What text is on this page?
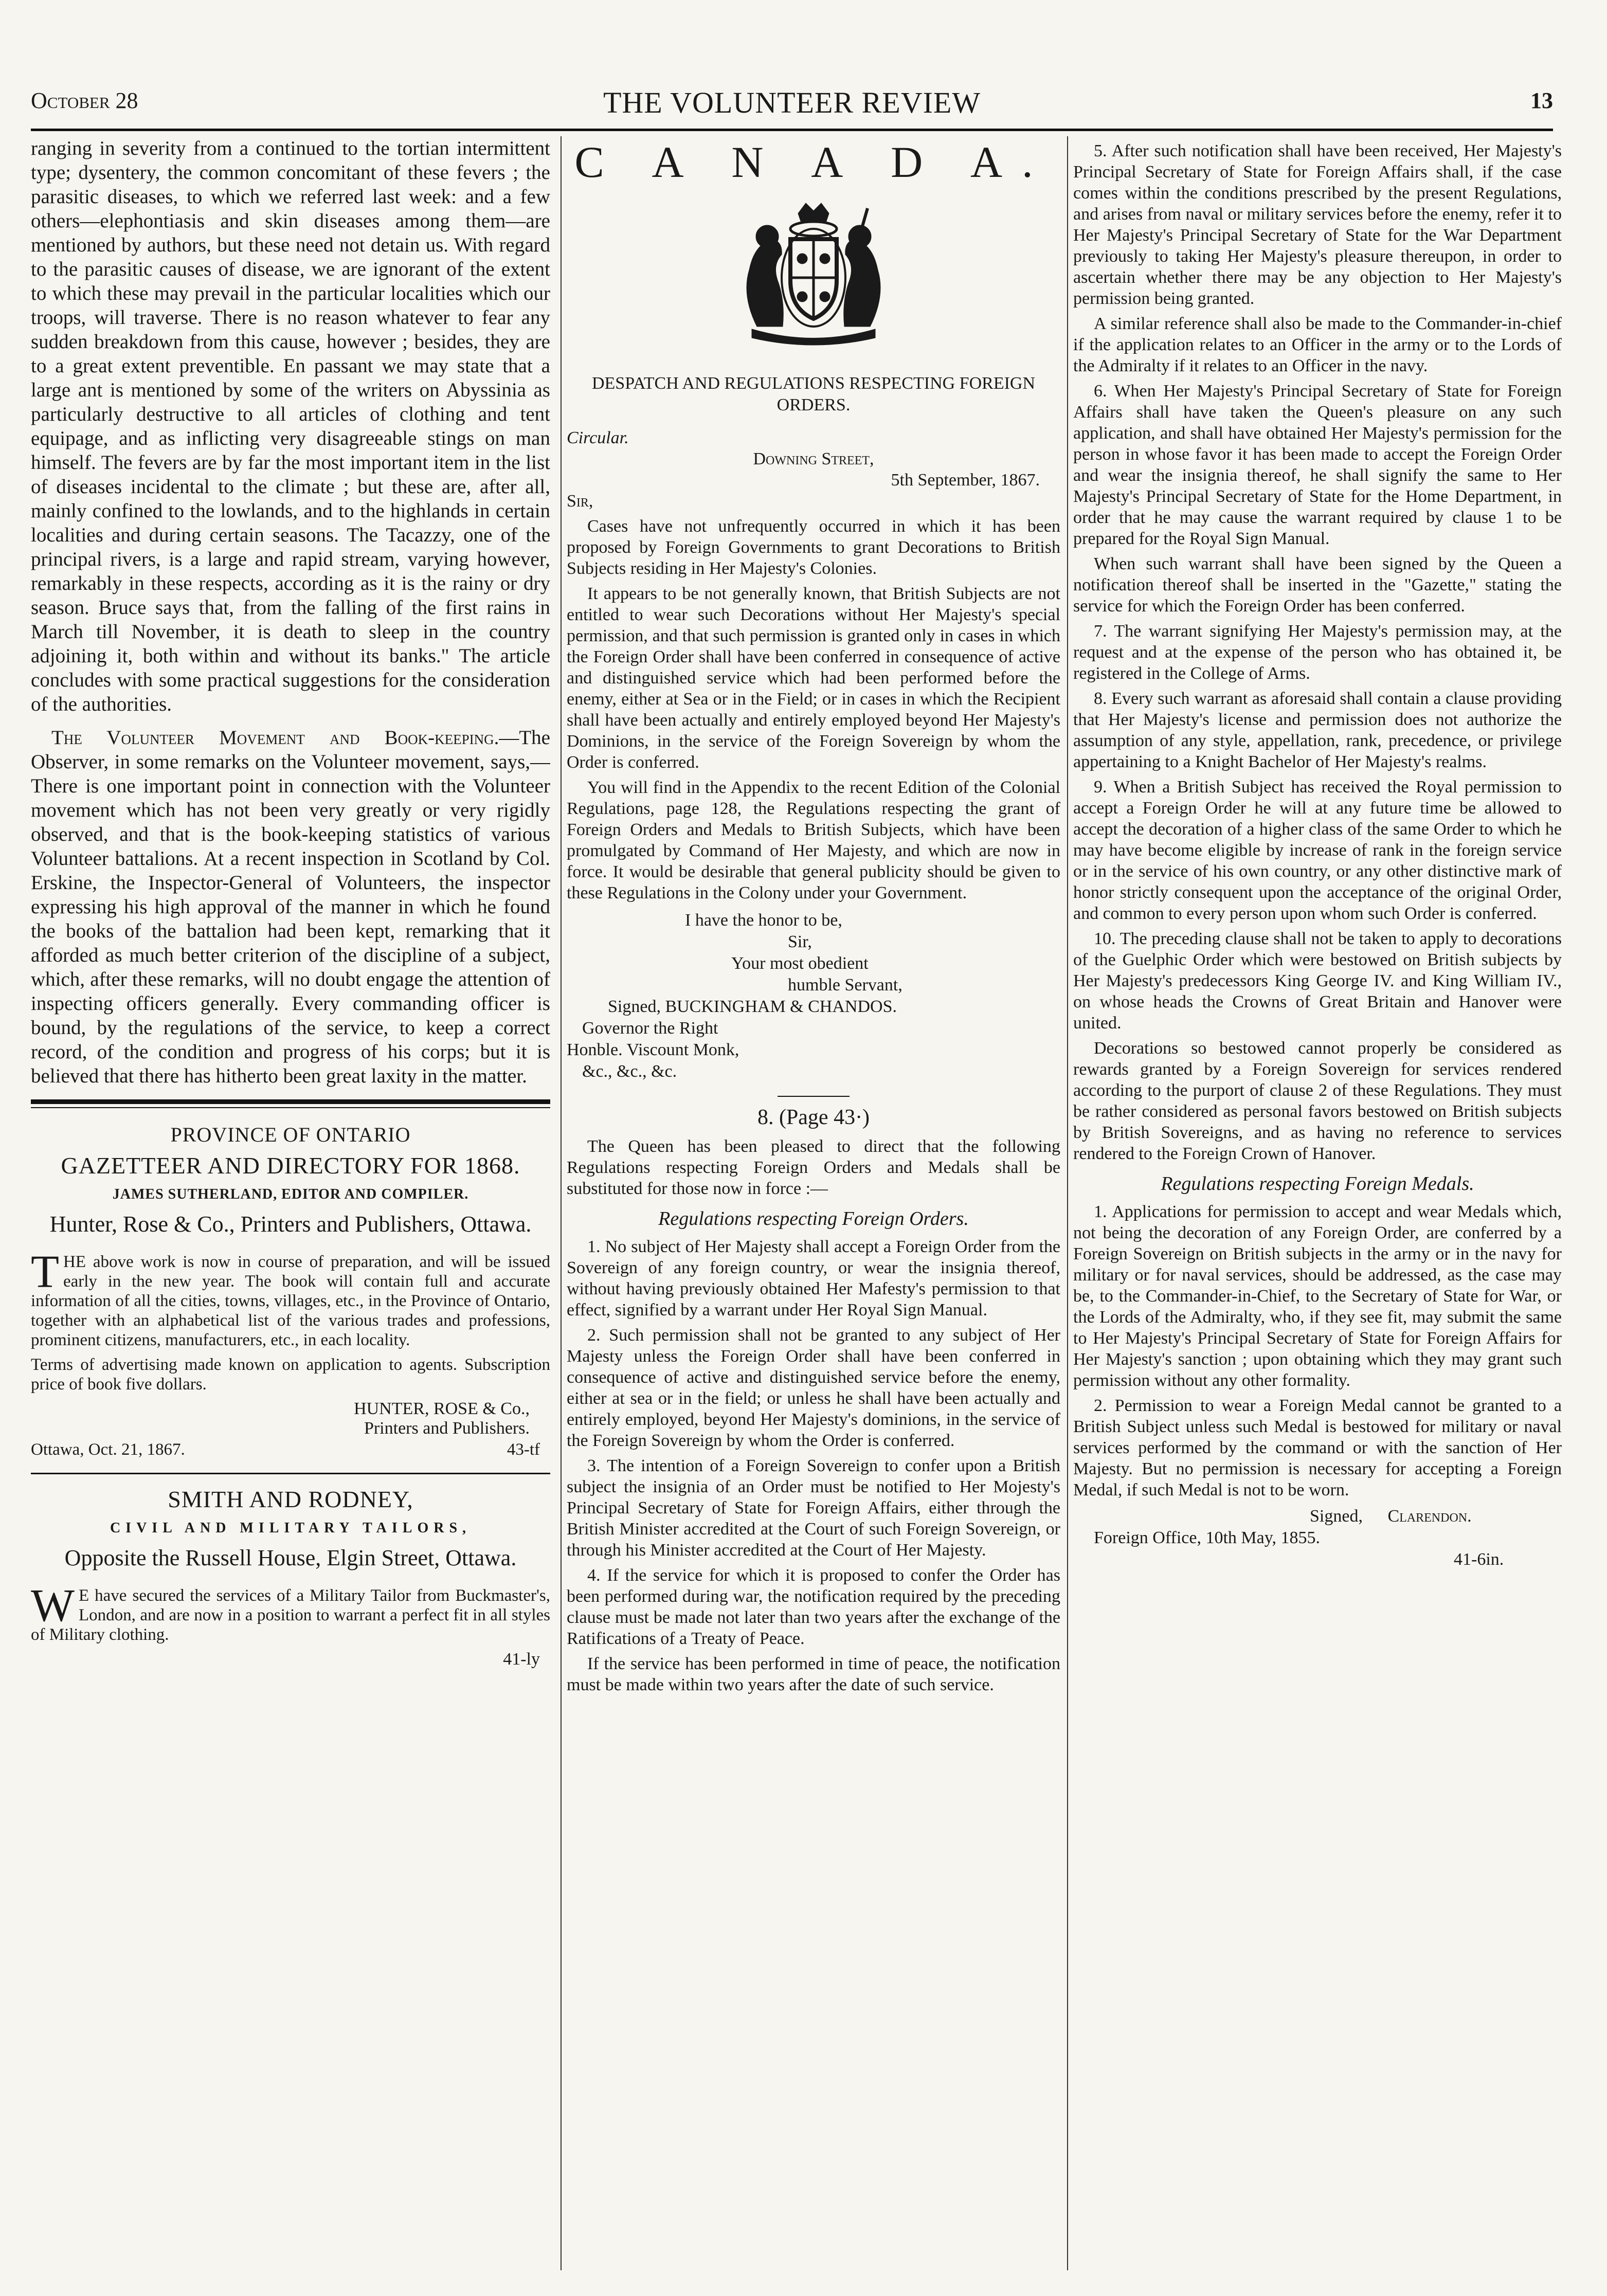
October 28	THE VOLUNTEER REVIEW	13

ranging in severity from a continued to the tortian intermittent type; dysentery, the common concomitant of these fevers ; the parasitic diseases, to which we referred last week: and a few others—elephontiasis and skin diseases among them—are mentioned by authors, but these need not detain us. With regard to the parasitic causes of disease, we are ignorant of the extent to which these may prevail in the particular localities which our troops, will traverse. There is no reason whatever to fear any sudden breakdown from this cause, however ; besides, they are to a great extent preventible. En passant we may state that a large ant is mentioned by some of the writers on Abyssinia as particularly destructive to all articles of clothing and tent equipage, and as inflicting very disagreeable stings on man himself. The fevers are by far the most important item in the list of diseases incidental to the climate ; but these are, after all, mainly confined to the lowlands, and to the highlands in certain localities and during certain seasons. The Tacazzy, one of the principal rivers, is a large and rapid stream, varying however, remarkably in these respects, according as it is the rainy or dry season. Bruce says that, from the falling of the first rains in March till November, it is death to sleep in the country adjoining it, both within and without its banks." The article concludes with some practical suggestions for the consideration of the authorities.

The Volunteer Movement and Book-keeping.—The Observer, in some remarks on the Volunteer movement, says,—There is one important point in connection with the Volunteer movement which has not been very greatly or very rigidly observed, and that is the book-keeping statistics of various Volunteer battalions. At a recent inspection in Scotland by Col. Erskine, the Inspector-General of Volunteers, the inspector expressing his high approval of the manner in which he found the books of the battalion had been kept, remarking that it afforded as much better criterion of the discipline of a subject, which, after these remarks, will no doubt engage the attention of inspecting officers generally. Every commanding officer is bound, by the regulations of the service, to keep a correct record, of the condition and progress of his corps; but it is believed that there has hitherto been great laxity in the matter.

PROVINCE OF ONTARIO
GAZETTEER AND DIRECTORY FOR 1868.
JAMES SUTHERLAND, EDITOR AND COMPILER.
Hunter, Rose & Co., Printers and Publishers, Ottawa.
THE above work is now in course of preparation, and will be issued early in the new year. The book will contain full and accurate information of all the cities, towns, villages, etc., in the Province of Ontario, together with an alphabetical list of the various trades and professions, prominent citizens, manufacturers, etc., in each locality.
Terms of advertising made known on application to agents. Subscription price of book five dollars.
HUNTER, ROSE & Co.,
Printers and Publishers.
Ottawa, Oct. 21, 1867.	43-tf
SMITH AND RODNEY,
CIVIL AND MILITARY TAILORS,
Opposite the Russell House, Elgin Street, Ottawa.
W E have secured the services of a Military Tailor from Buckmaster's, London, and are now in a position to warrant a perfect fit in all styles of Military clothing.
41-ly
C A N A D A.
DESPATCH AND REGULATIONS RESPECTING FOREIGN ORDERS.

Circular.

Downing Street,

5th September, 1867.

Sir,

Cases have not unfrequently occurred in which it has been proposed by Foreign Governments to grant Decorations to British Subjects residing in Her Majesty's Colonies.

It appears to be not generally known, that British Subjects are not entitled to wear such Decorations without Her Majesty's special permission, and that such permission is granted only in cases in which the Foreign Order shall have been conferred in consequence of active and distinguished service which had been performed before the enemy, either at Sea or in the Field; or in cases in which the Recipient shall have been actually and entirely employed beyond Her Majesty's Dominions, in the service of the Foreign Sovereign by whom the Order is conferred.

You will find in the Appendix to the recent Edition of the Colonial Regulations, page 128, the Regulations respecting the grant of Foreign Orders and Medals to British Subjects, which have been promulgated by Command of Her Majesty, and which are now in force. It would be desirable that general publicity should be given to these Regulations in the Colony under your Government.

I have the honor to be,
Sir,
Your most obedient
humble Servant,
Signed, BUCKINGHAM & CHANDOS.
Governor the Right
Honble. Viscount Monk,
&c., &c., &c.
8. (Page 43·)

The Queen has been pleased to direct that the following Regulations respecting Foreign Orders and Medals shall be substituted for those now in force :—

Regulations respecting Foreign Orders.

1. No subject of Her Majesty shall accept a Foreign Order from the Sovereign of any foreign country, or wear the insignia thereof, without having previously obtained Her Mafesty's permission to that effect, signified by a warrant under Her Royal Sign Manual.

2. Such permission shall not be granted to any subject of Her Majesty unless the Foreign Order shall have been conferred in consequence of active and distinguished service before the enemy, either at sea or in the field; or unless he shall have been actually and entirely employed, beyond Her Majesty's dominions, in the service of the Foreign Sovereign by whom the Order is conferred.

3. The intention of a Foreign Sovereign to confer upon a British subject the insignia of an Order must be notified to Her Mojesty's Principal Secretary of State for Foreign Affairs, either through the British Minister accredited at the Court of such Foreign Sovereign, or through his Minister accredited at the Court of Her Majesty.

4. If the service for which it is proposed to confer the Order has been performed during war, the notification required by the preceding clause must be made not later than two years after the exchange of the Ratifications of a Treaty of Peace.

If the service has been performed in time of peace, the notification must be made within two years after the date of such service.

5. After such notification shall have been received, Her Majesty's Principal Secretary of State for Foreign Affairs shall, if the case comes within the conditions prescribed by the present Regulations, and arises from naval or military services before the enemy, refer it to Her Majesty's Principal Secretary of State for the War Department previously to taking Her Majesty's pleasure thereupon, in order to ascertain whether there may be any objection to Her Majesty's permission being granted.

A similar reference shall also be made to the Commander-in-chief if the application relates to an Officer in the army or to the Lords of the Admiralty if it relates to an Officer in the navy.

6. When Her Majesty's Principal Secretary of State for Foreign Affairs shall have taken the Queen's pleasure on any such application, and shall have obtained Her Majesty's permission for the person in whose favor it has been made to accept the Foreign Order and wear the insignia thereof, he shall signify the same to Her Majesty's Principal Secretary of State for the Home Department, in order that he may cause the warrant required by clause 1 to be prepared for the Royal Sign Manual.

When such warrant shall have been signed by the Queen a notification thereof shall be inserted in the "Gazette," stating the service for which the Foreign Order has been conferred.

7. The warrant signifying Her Majesty's permission may, at the request and at the expense of the person who has obtained it, be registered in the College of Arms.

8. Every such warrant as aforesaid shall contain a clause providing that Her Majesty's license and permission does not authorize the assumption of any style, appellation, rank, precedence, or privilege appertaining to a Knight Bachelor of Her Majesty's realms.

9. When a British Subject has received the Royal permission to accept a Foreign Order he will at any future time be allowed to accept the decoration of a higher class of the same Order to which he may have become eligible by increase of rank in the foreign service or in the service of his own country, or any other distinctive mark of honor strictly consequent upon the acceptance of the original Order, and common to every person upon whom such Order is conferred.

10. The preceding clause shall not be taken to apply to decorations of the Guelphic Order which were bestowed on British subjects by Her Majesty's predecessors King George IV. and King William IV., on whose heads the Crowns of Great Britain and Hanover were united.

Decorations so bestowed cannot properly be considered as rewards granted by a Foreign Sovereign for services rendered according to the purport of clause 2 of these Regulations. They must be rather considered as personal favors bestowed on British subjects by British Sovereigns, and as having no reference to services rendered to the Foreign Crown of Hanover.

Regulations respecting Foreign Medals.

1. Applications for permission to accept and wear Medals which, not being the decoration of any Foreign Order, are conferred by a Foreign Sovereign on British subjects in the army or in the navy for military or for naval services, should be addressed, as the case may be, to the Commander-in-Chief, to the Secretary of State for War, or the Lords of the Admiralty, who, if they see fit, may submit the same to Her Majesty's Principal Secretary of State for Foreign Affairs for Her Majesty's sanction ; upon obtaining which they may grant such permission without any other formality.

2. Permission to wear a Foreign Medal cannot be granted to a British Subject unless such Medal is bestowed for military or naval services performed by the command or with the sanction of Her Majesty. But no permission is necessary for accepting a Foreign Medal, if such Medal is not to be worn.

Signed, Clarendon.
Foreign Office, 10th May, 1855.
41-6in.
